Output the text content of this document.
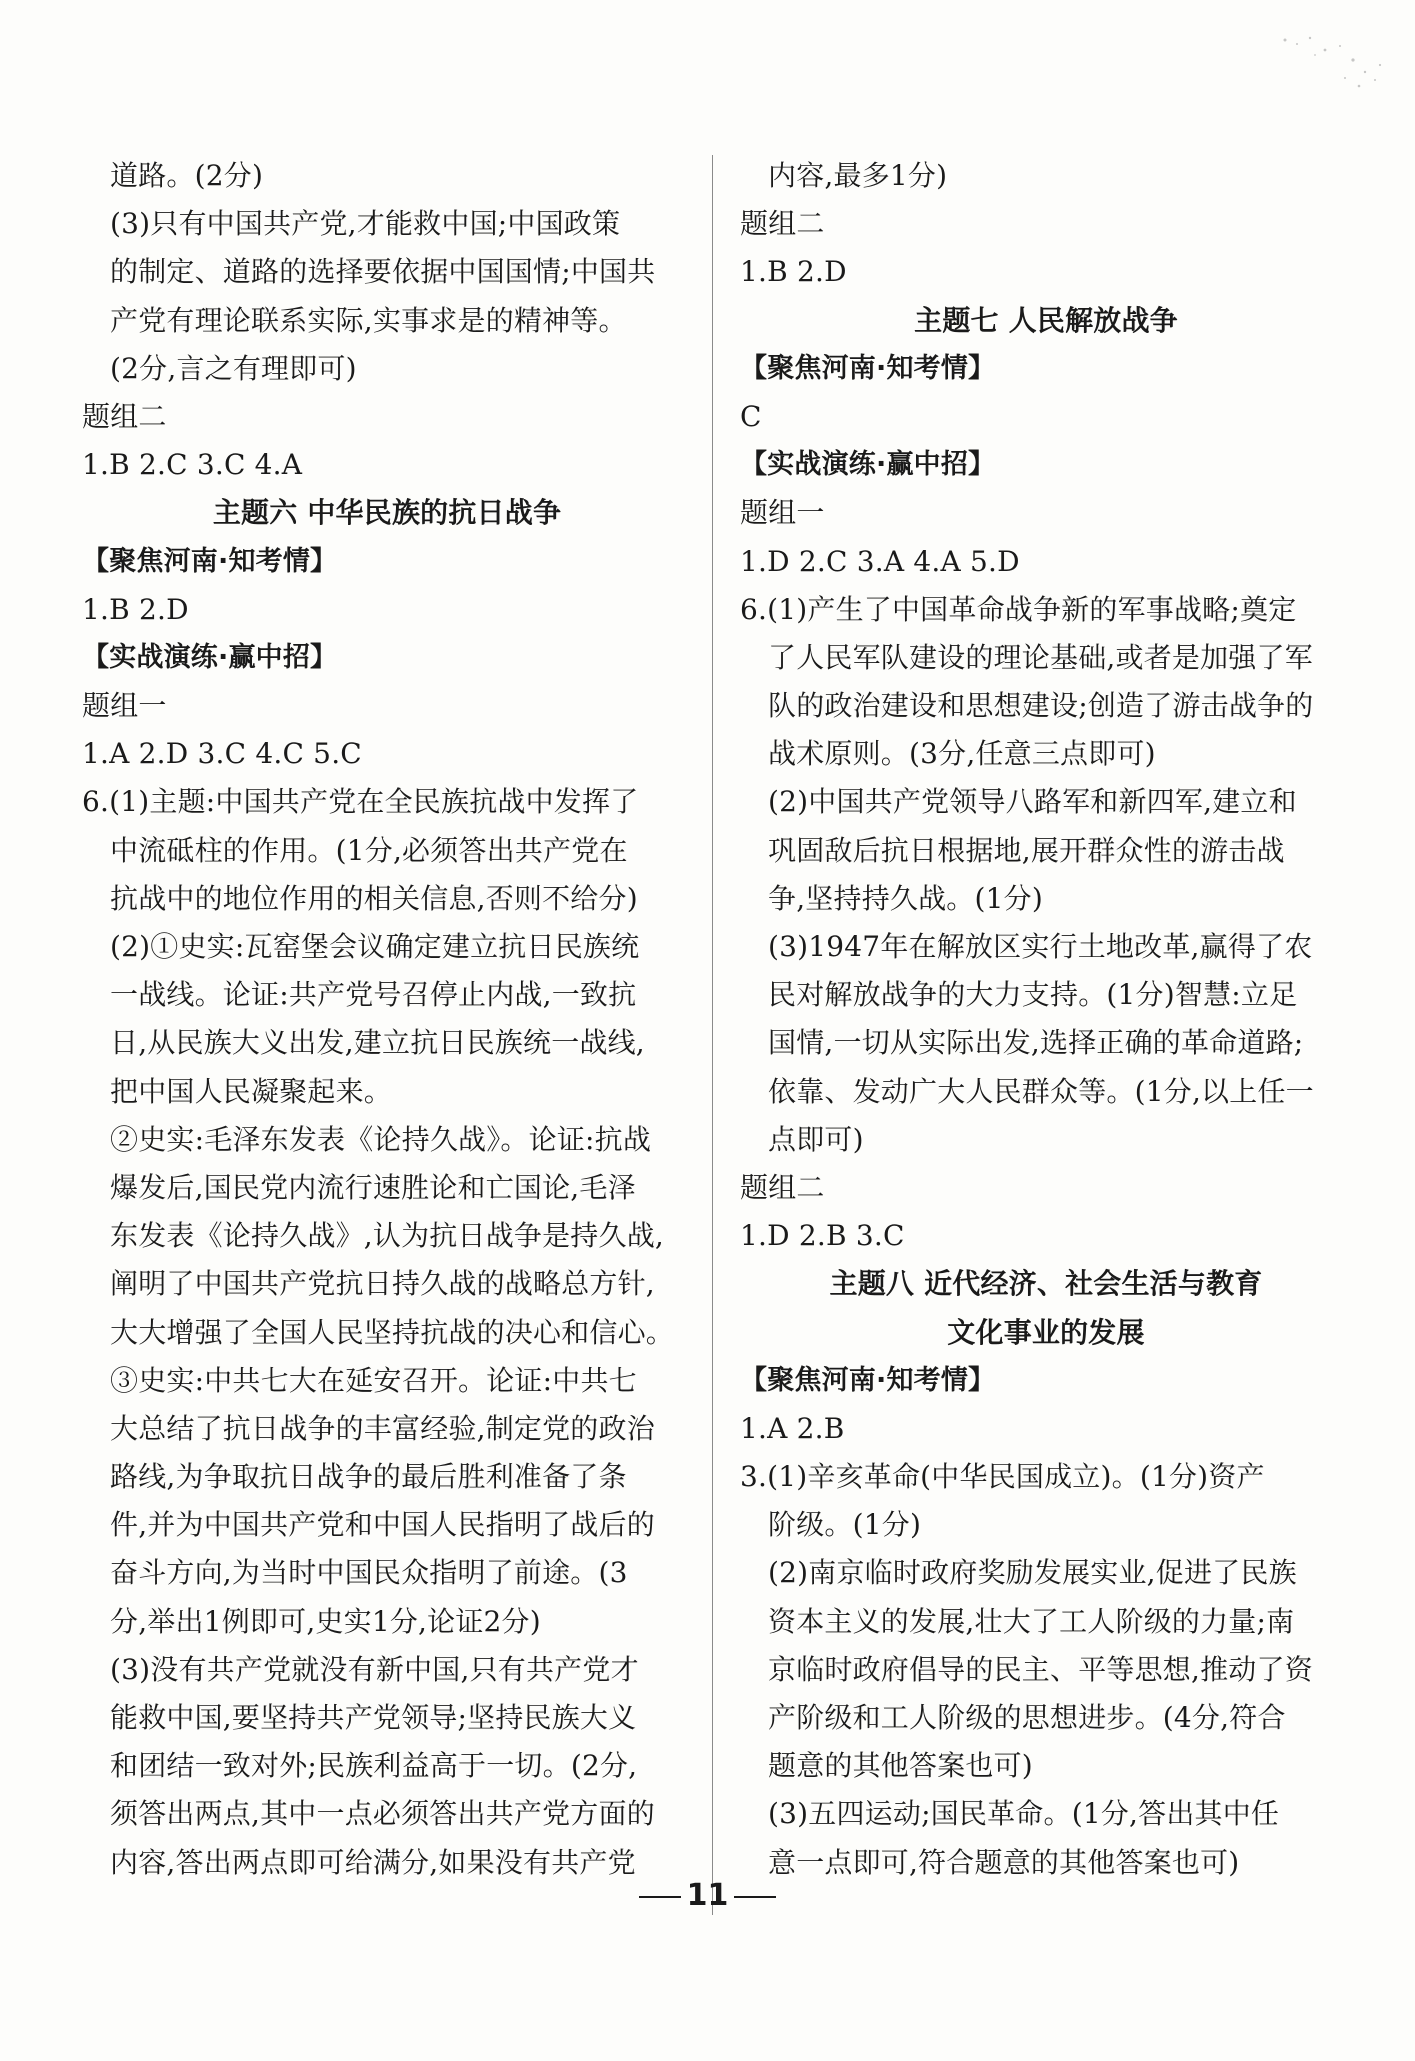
道路。(2分)
(3)只有中国共产党,才能救中国;中国政策
的制定、道路的选择要依据中国国情;中国共
产党有理论联系实际,实事求是的精神等。
(2分,言之有理即可)
题组二
1.B 2.C 3.C 4.A
主题六 中华民族的抗日战争
【聚焦河南·知考情】
1.B 2.D
【实战演练·赢中招】
题组一
1.A 2.D 3.C 4.C 5.C
6.(1)主题:中国共产党在全民族抗战中发挥了
中流砥柱的作用。(1分,必须答出共产党在
抗战中的地位作用的相关信息,否则不给分)
(2)①史实:瓦窑堡会议确定建立抗日民族统
一战线。论证:共产党号召停止内战,一致抗
日,从民族大义出发,建立抗日民族统一战线,
把中国人民凝聚起来。
②史实:毛泽东发表《论持久战》。论证:抗战
爆发后,国民党内流行速胜论和亡国论,毛泽
东发表《论持久战》,认为抗日战争是持久战,
阐明了中国共产党抗日持久战的战略总方针,
大大增强了全国人民坚持抗战的决心和信心。
③史实:中共七大在延安召开。论证:中共七
大总结了抗日战争的丰富经验,制定党的政治
路线,为争取抗日战争的最后胜利准备了条
件,并为中国共产党和中国人民指明了战后的
奋斗方向,为当时中国民众指明了前途。(3
分,举出1例即可,史实1分,论证2分)
(3)没有共产党就没有新中国,只有共产党才
能救中国,要坚持共产党领导;坚持民族大义
和团结一致对外;民族利益高于一切。(2分,
须答出两点,其中一点必须答出共产党方面的
内容,答出两点即可给满分,如果没有共产党
内容,最多1分)
题组二
1.B 2.D
主题七 人民解放战争
【聚焦河南·知考情】
C
【实战演练·赢中招】
题组一
1.D 2.C 3.A 4.A 5.D
6.(1)产生了中国革命战争新的军事战略;奠定
了人民军队建设的理论基础,或者是加强了军
队的政治建设和思想建设;创造了游击战争的
战术原则。(3分,任意三点即可)
(2)中国共产党领导八路军和新四军,建立和
巩固敌后抗日根据地,展开群众性的游击战
争,坚持持久战。(1分)
(3)1947年在解放区实行土地改革,赢得了农
民对解放战争的大力支持。(1分)智慧:立足
国情,一切从实际出发,选择正确的革命道路;
依靠、发动广大人民群众等。(1分,以上任一
点即可)
题组二
1.D 2.B 3.C
主题八 近代经济、社会生活与教育
文化事业的发展
【聚焦河南·知考情】
1.A 2.B
3.(1)辛亥革命(中华民国成立)。(1分)资产
阶级。(1分)
(2)南京临时政府奖励发展实业,促进了民族
资本主义的发展,壮大了工人阶级的力量;南
京临时政府倡导的民主、平等思想,推动了资
产阶级和工人阶级的思想进步。(4分,符合
题意的其他答案也可)
(3)五四运动;国民革命。(1分,答出其中任
意一点即可,符合题意的其他答案也可)
11
